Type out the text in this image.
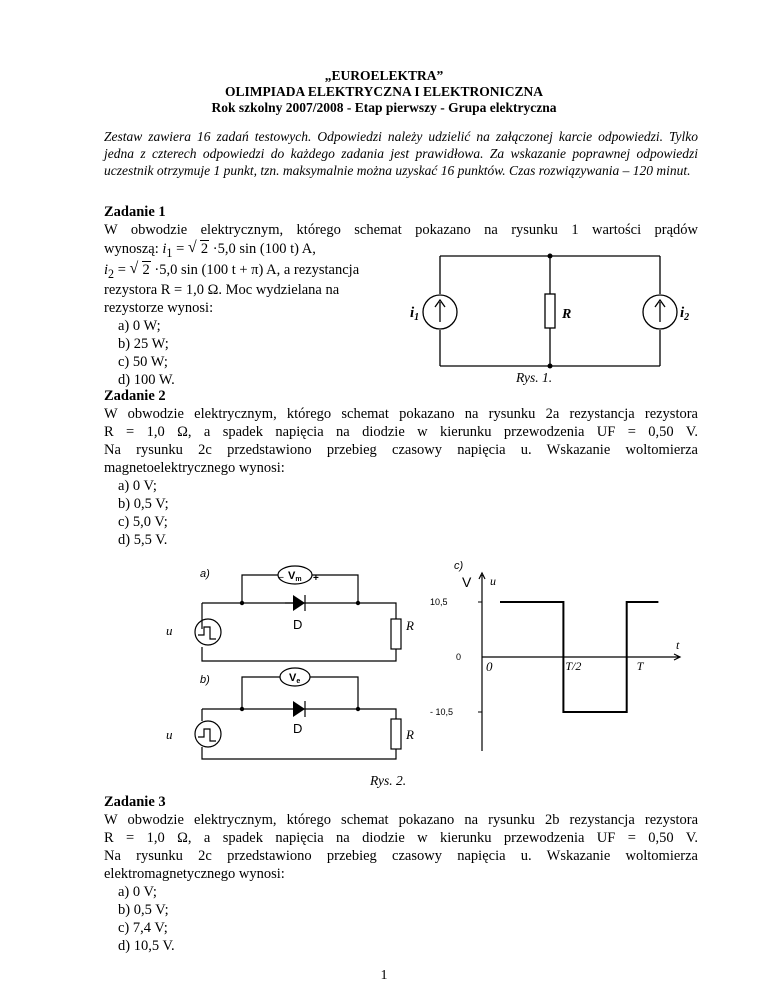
„EUROELEKTRA”
OLIMPIADA ELEKTRYCZNA I ELEKTRONICZNA
Rok szkolny 2007/2008 - Etap pierwszy - Grupa elektryczna

Zestaw zawiera 16 zadań testowych. Odpowiedzi należy udzielić na załączonej karcie odpowiedzi. Tylko jedna z czterech odpowiedzi do każdego zadania jest prawidłowa. Za wskazanie poprawnej odpowiedzi uczestnik otrzymuje 1 punkt, tzn. maksymalnie można uzyskać 16 punktów. Czas rozwiązywania – 120 minut.

Zadanie 1
W obwodzie elektrycznym, którego schemat pokazano na rysunku 1 wartości prądów
wynoszą: $i_1$ = √ 2 ·5,0 sin (100 t) A,
$i_2$ = √ 2 ·5,0 sin (100 t + π) A, a rezystancja
rezystora R = 1,0 Ω. Moc wydzielana na
rezystorze wynosi:
a) 0 W;
b) 25 W;
c) 50 W;
d) 100 W.
$i_1$	R	$i_2$
Rys. 1.
Zadanie 2
W obwodzie elektrycznym, którego schemat pokazano na rysunku 2a rezystancja rezystora
R = 1,0 Ω, a spadek napięcia na diodzie w kierunku przewodzenia UF = 0,50 V.
Na rysunku 2c przedstawiono przebieg czasowy napięcia u. Wskazanie woltomierza
magnetoelektrycznego wynosi:
a) 0 V;
b) 0,5 V;
c) 5,0 V;
d) 5,5 V.
a)	Vm
–	+
D	R
u
b)	Ve
D	R
u
c)
V u
t
10,5
0
- 10,5
0	T/2	T
Rys. 2.
Zadanie 3
W obwodzie elektrycznym, którego schemat pokazano na rysunku 2b rezystancja rezystora
R = 1,0 Ω, a spadek napięcia na diodzie w kierunku przewodzenia UF = 0,50 V.
Na rysunku 2c przedstawiono przebieg czasowy napięcia u. Wskazanie woltomierza
elektromagnetycznego wynosi:
a) 0 V;
b) 0,5 V;
c) 7,4 V;
d) 10,5 V.
1
